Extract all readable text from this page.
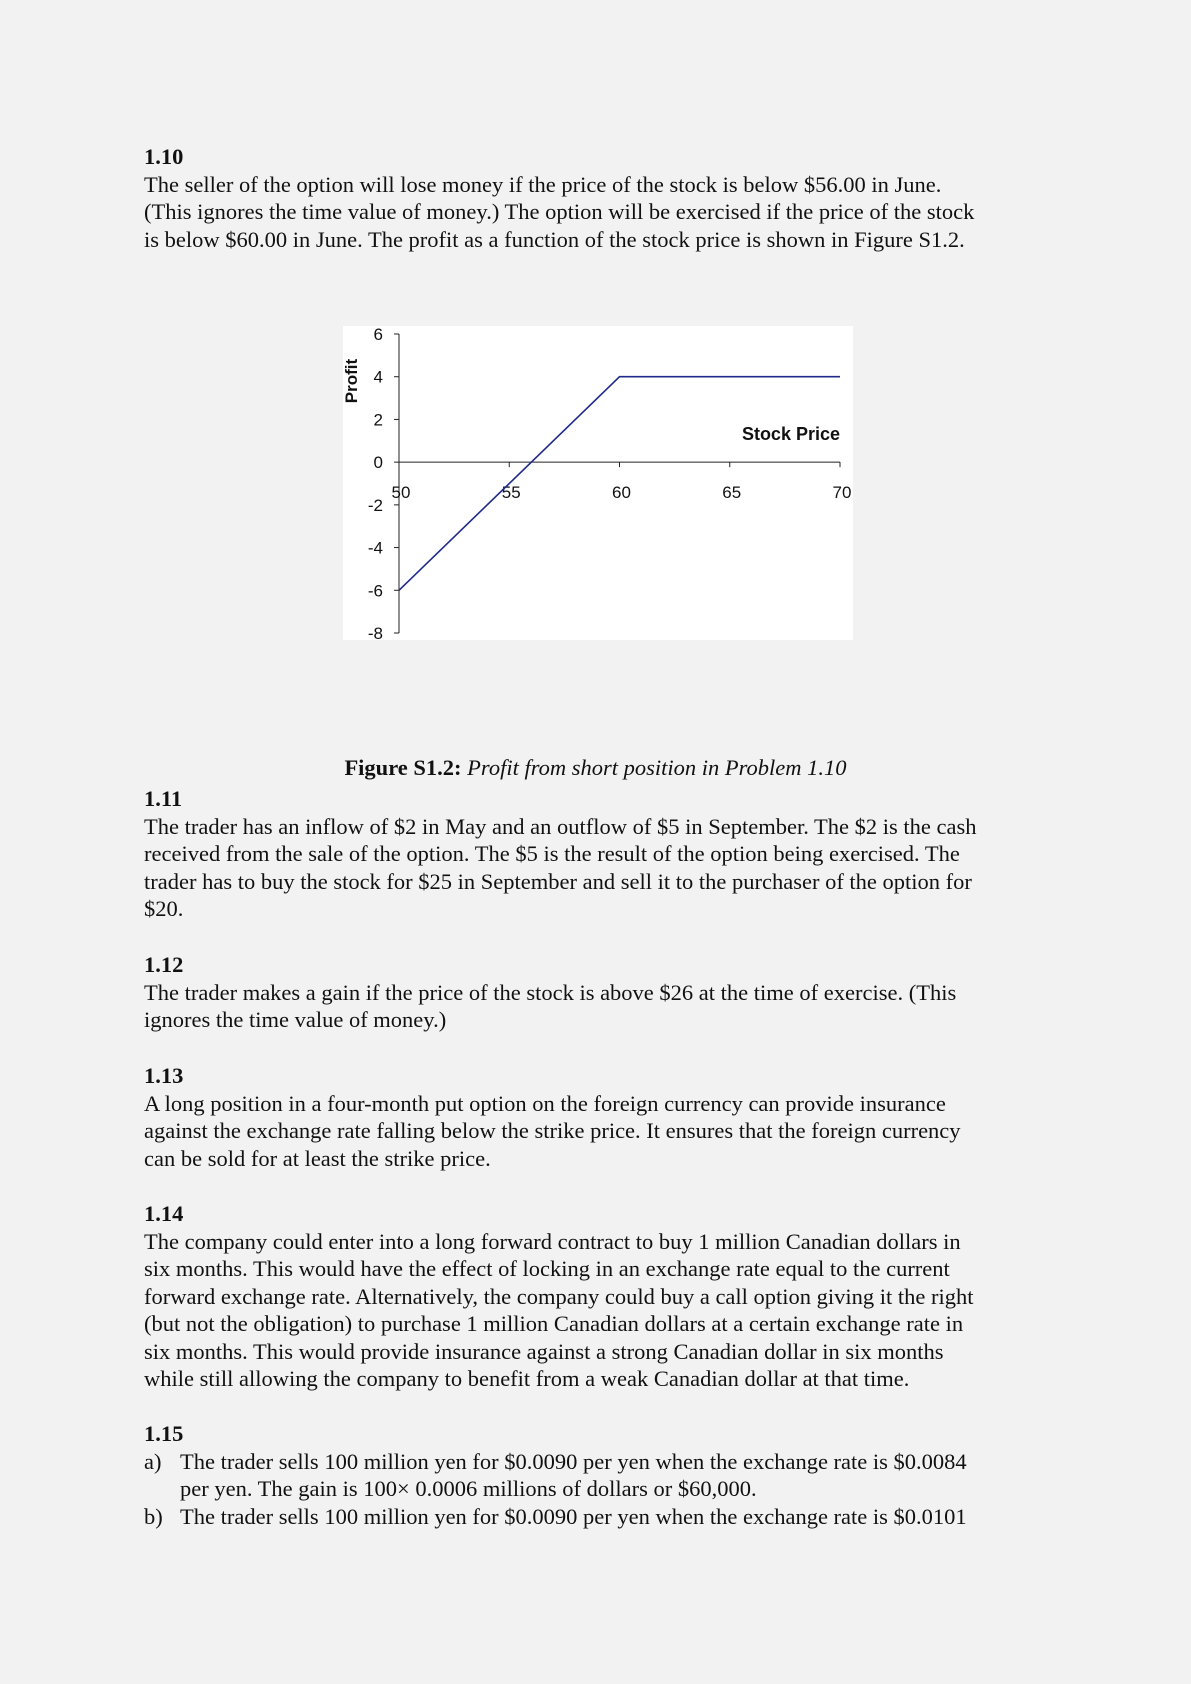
1.10
The seller of the option will lose money if the price of the stock is below $56.00 in June.
(This ignores the time value of money.) The option will be exercised if the price of the stock
is below $60.00 in June. The profit as a function of the stock price is shown in Figure S1.2.
-8
-6
-4
-2
0
2
4
6
50	55	60	65	70
Stock Price
Profit
Figure S1.2: Profit from short position in Problem 1.10
1.11
The trader has an inflow of $2 in May and an outflow of $5 in September. The $2 is the cash
received from the sale of the option. The $5 is the result of the option being exercised. The
trader has to buy the stock for $25 in September and sell it to the purchaser of the option for
$20.
1.12
The trader makes a gain if the price of the stock is above $26 at the time of exercise. (This
ignores the time value of money.)
1.13
A long position in a four-month put option on the foreign currency can provide insurance
against the exchange rate falling below the strike price. It ensures that the foreign currency
can be sold for at least the strike price.
1.14
The company could enter into a long forward contract to buy 1 million Canadian dollars in
six months. This would have the effect of locking in an exchange rate equal to the current
forward exchange rate. Alternatively, the company could buy a call option giving it the right
(but not the obligation) to purchase 1 million Canadian dollars at a certain exchange rate in
six months. This would provide insurance against a strong Canadian dollar in six months
while still allowing the company to benefit from a weak Canadian dollar at that time.
1.15
a) The trader sells 100 million yen for $0.0090 per yen when the exchange rate is $0.0084
per yen. The gain is 100× 0.0006 millions of dollars or $60,000.
b) The trader sells 100 million yen for $0.0090 per yen when the exchange rate is $0.0101
